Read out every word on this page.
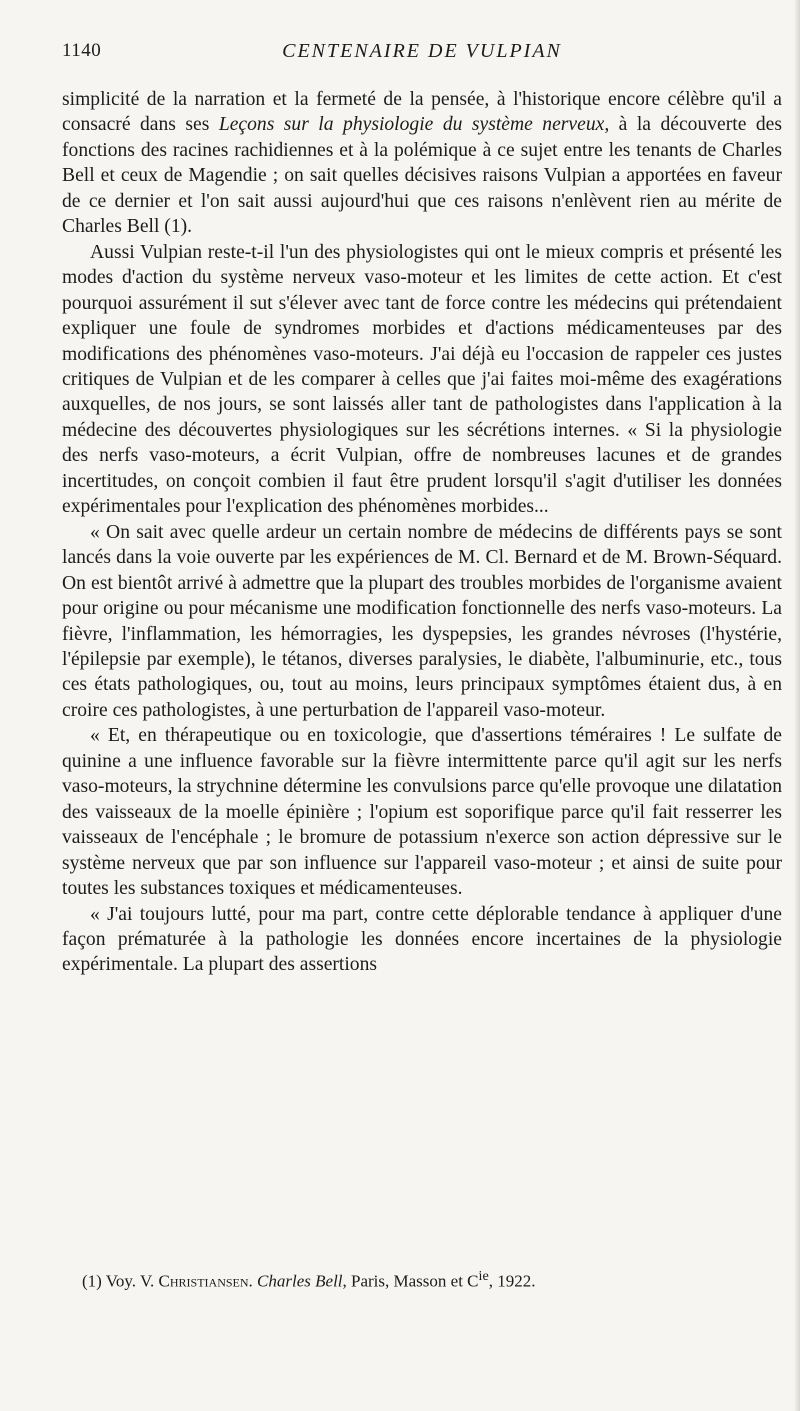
1140	CENTENAIRE DE VULPIAN

simplicité de la narration et la fermeté de la pensée, à l'historique encore célèbre qu'il a consacré dans ses Leçons sur la physiologie du système nerveux, à la découverte des fonctions des racines rachidiennes et à la polémique à ce sujet entre les tenants de Charles Bell et ceux de Magendie ; on sait quelles décisives raisons Vulpian a apportées en faveur de ce dernier et l'on sait aussi aujourd'hui que ces raisons n'enlèvent rien au mérite de Charles Bell (1).

Aussi Vulpian reste-t-il l'un des physiologistes qui ont le mieux compris et présenté les modes d'action du système nerveux vaso-moteur et les limites de cette action. Et c'est pourquoi assurément il sut s'élever avec tant de force contre les médecins qui prétendaient expliquer une foule de syndromes morbides et d'actions médicamenteuses par des modifications des phénomènes vaso-moteurs. J'ai déjà eu l'occasion de rappeler ces justes critiques de Vulpian et de les comparer à celles que j'ai faites moi-même des exagérations auxquelles, de nos jours, se sont laissés aller tant de pathologistes dans l'application à la médecine des découvertes physiologiques sur les sécrétions internes. « Si la physiologie des nerfs vaso-moteurs, a écrit Vulpian, offre de nombreuses lacunes et de grandes incertitudes, on conçoit combien il faut être prudent lorsqu'il s'agit d'utiliser les données expérimentales pour l'explication des phénomènes morbides...

« On sait avec quelle ardeur un certain nombre de médecins de différents pays se sont lancés dans la voie ouverte par les expériences de M. Cl. Bernard et de M. Brown-Séquard. On est bientôt arrivé à admettre que la plupart des troubles morbides de l'organisme avaient pour origine ou pour mécanisme une modification fonctionnelle des nerfs vaso-moteurs. La fièvre, l'inflammation, les hémorragies, les dyspepsies, les grandes névroses (l'hystérie, l'épilepsie par exemple), le tétanos, diverses paralysies, le diabète, l'albuminurie, etc., tous ces états pathologiques, ou, tout au moins, leurs principaux symptômes étaient dus, à en croire ces pathologistes, à une perturbation de l'appareil vaso-moteur.

« Et, en thérapeutique ou en toxicologie, que d'assertions téméraires ! Le sulfate de quinine a une influence favorable sur la fièvre intermittente parce qu'il agit sur les nerfs vaso-moteurs, la strychnine détermine les convulsions parce qu'elle provoque une dilatation des vaisseaux de la moelle épinière ; l'opium est soporifique parce qu'il fait resserrer les vaisseaux de l'encéphale ; le bromure de potassium n'exerce son action dépressive sur le système nerveux que par son influence sur l'appareil vaso-moteur ; et ainsi de suite pour toutes les substances toxiques et médicamenteuses.

« J'ai toujours lutté, pour ma part, contre cette déplorable tendance à appliquer d'une façon prématurée à la pathologie les données encore incertaines de la physiologie expérimentale. La plupart des assertions

(1) Voy. V. Christiansen. Charles Bell, Paris, Masson et $C^{ie}$, 1922.
